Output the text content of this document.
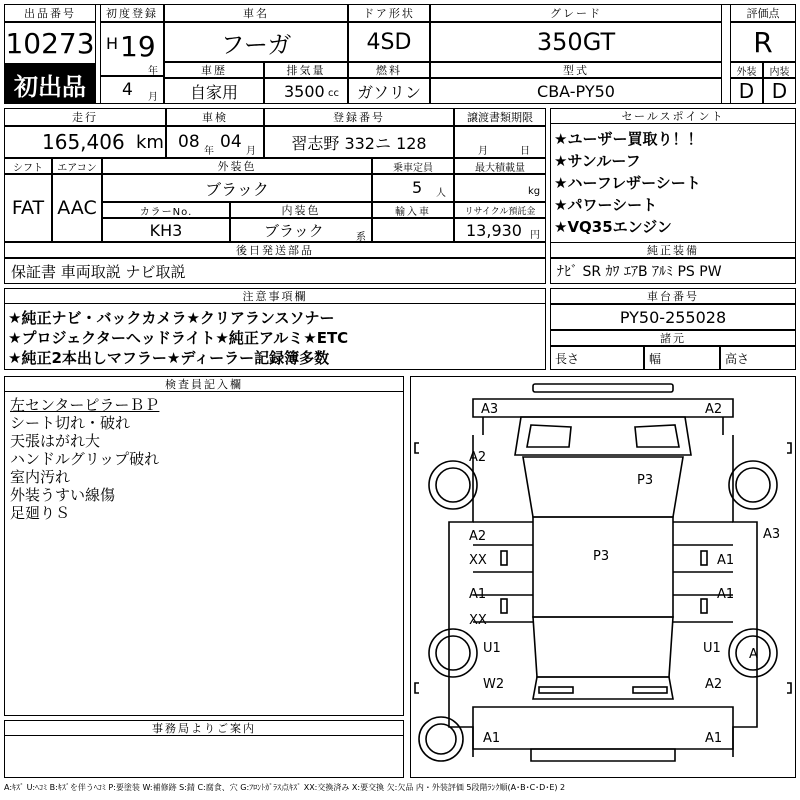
出品番号
10273
初出品
初度登録
H 19
年
4 月
車名
フーガ
ドア形状
4SD
グレード
350GT
評価点
R
車歴
自家用
排気量
3500 cc
燃料
ガソリン
型式
CBA-PY50
外装	内装
D D
走行
165,406 km
車検
08 年 04 月
登録番号
習志野 332ニ 128
譲渡書類期限
月	日
シフト
FAT
エアコン
AAC
外装色
ブラック
乗車定員
5 人
最大積載量
kg
カラーNo.
KH3
内装色
ブラック	系
輸入車	リサイクル預託金
13,930 円
後日発送部品
保証書 車両取説 ナビ取説
セールスポイント
★ユーザー買取り！！
★サンルーフ
★ハーフレザーシート
★パワーシート
★VQ35エンジン
純正装備
ﾅﾋﾞ SR ｶﾜ ｴｱB ｱﾙﾐ PS PW
注意事項欄
★純正ナビ・バックカメラ★クリアランスソナー
★プロジェクターヘッドライト★純正アルミ★ETC
★純正2本出しマフラー★ディーラー記録簿多数
車台番号
PY50-255028
諸元
長さ	幅	高さ
検査員記入欄
左センターピラーＢＰ
シート切れ・破れ
天張はがれ大
ハンドルグリップ破れ
室内汚れ
外装うすい線傷
足廻りＳ
事務局よりご案内
A3	A2
A2
P3
A3
A2
XX	P3	A1
A1
XX
A1
U1	U1 A
W2	A2
A1	A1
A:ｷｽﾞ U:ﾍｺﾐ B:ｷｽﾞを伴うﾍｺﾐ P:要塗装 W:補修跡 S:錆 C:腐食、穴 G:ﾌﾛﾝﾄｶﾞﾗｽ点ｷｽﾞ XX:交換済み X:要交換 欠:欠品 内・外装評価 5段階ﾗﾝｸ順(A･B･C･D･E) 2
